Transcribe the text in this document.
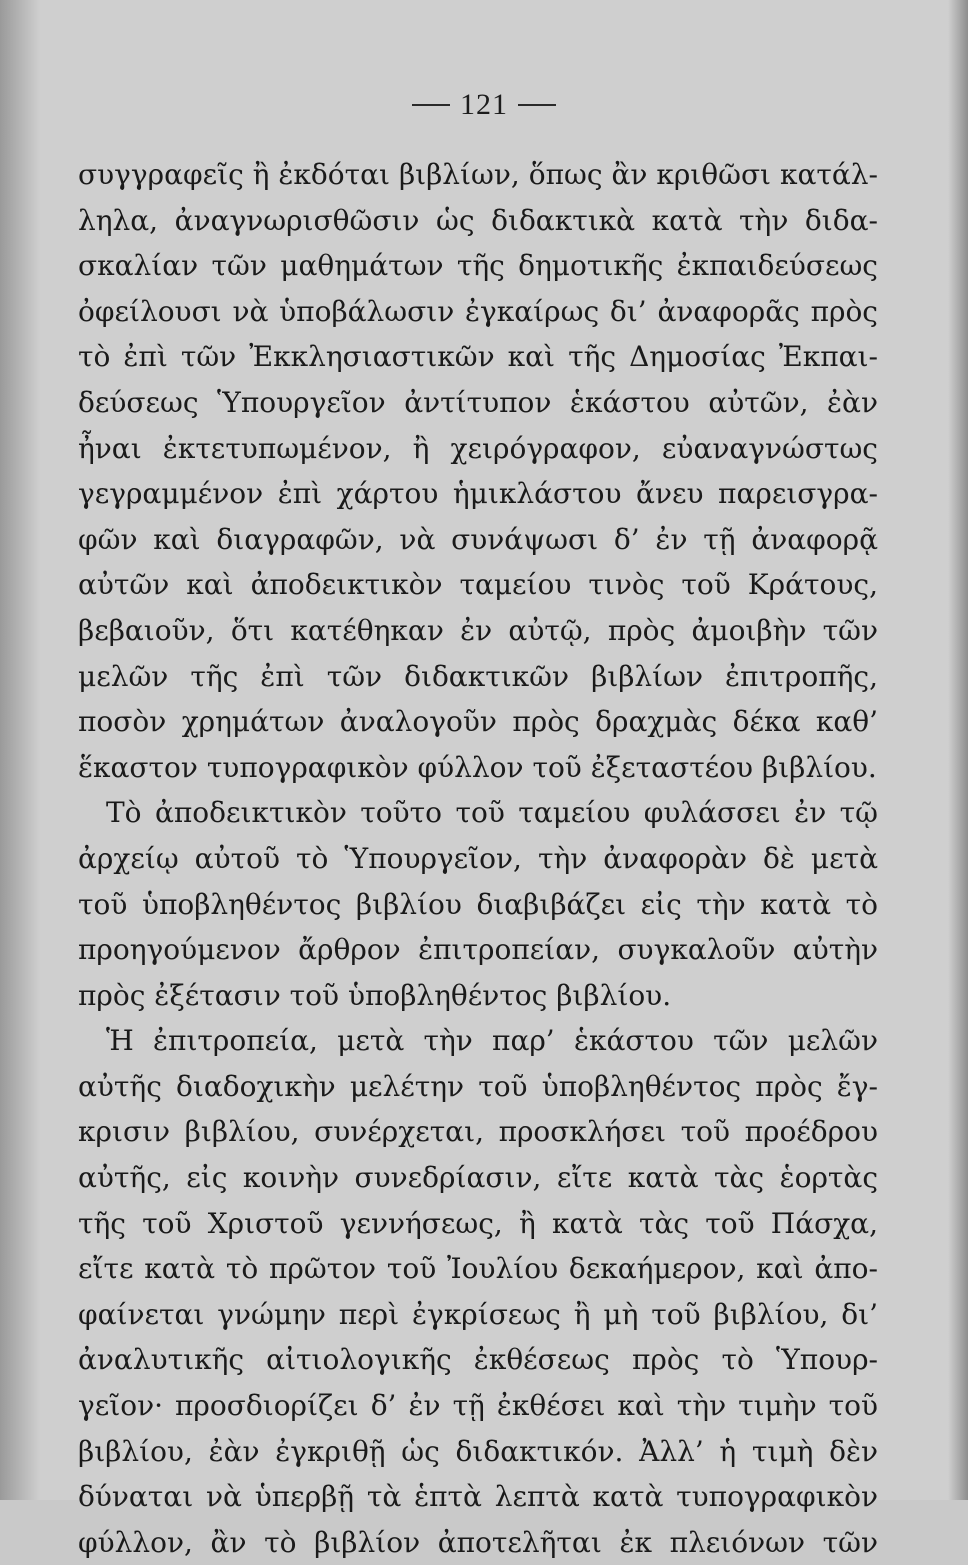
121
συγγραφεῖς ἢ ἐκδόται βιβλίων, ὅπως ἂν κριθῶσι κατάλ-
ληλα, ἀναγνωρισθῶσιν ὡς διδακτικὰ κατὰ τὴν διδα-
σκαλίαν τῶν μαθημάτων τῆς δημοτικῆς ἐκπαιδεύσεως
ὀφείλουσι νὰ ὑποβάλωσιν ἐγκαίρως δι’ ἀναφορᾶς πρὸς
τὸ ἐπὶ τῶν Ἐκκλησιαστικῶν καὶ τῆς Δημοσίας Ἐκπαι-
δεύσεως Ὑπουργεῖον ἀντίτυπον ἑκάστου αὐτῶν, ἐὰν
ἦναι ἐκτετυπωμένον, ἢ χειρόγραφον, εὐαναγνώστως
γεγραμμένον ἐπὶ χάρτου ἡμικλάστου ἄνευ παρεισγρα-
φῶν καὶ διαγραφῶν, νὰ συνάψωσι δ’ ἐν τῇ ἀναφορᾷ
αὐτῶν καὶ ἀποδεικτικὸν ταμείου τινὸς τοῦ Κράτους,
βεβαιοῦν, ὅτι κατέθηκαν ἐν αὐτῷ, πρὸς ἀμοιβὴν τῶν
μελῶν τῆς ἐπὶ τῶν διδακτικῶν βιβλίων ἐπιτροπῆς,
ποσὸν χρημάτων ἀναλογοῦν πρὸς δραχμὰς δέκα καθ’
ἕκαστον τυπογραφικὸν φύλλον τοῦ ἐξεταστέου βιβλίου.
Τὸ ἀποδεικτικὸν τοῦτο τοῦ ταμείου φυλάσσει ἐν τῷ
ἀρχείῳ αὐτοῦ τὸ Ὑπουργεῖον, τὴν ἀναφορὰν δὲ μετὰ
τοῦ ὑποβληθέντος βιβλίου διαβιβάζει εἰς τὴν κατὰ τὸ
προηγούμενον ἄρθρον ἐπιτροπείαν, συγκαλοῦν αὐτὴν
πρὸς ἐξέτασιν τοῦ ὑποβληθέντος βιβλίου.
Ἡ ἐπιτροπεία, μετὰ τὴν παρ’ ἑκάστου τῶν μελῶν
αὐτῆς διαδοχικὴν μελέτην τοῦ ὑποβληθέντος πρὸς ἔγ-
κρισιν βιβλίου, συνέρχεται, προσκλήσει τοῦ προέδρου
αὐτῆς, εἰς κοινὴν συνεδρίασιν, εἴτε κατὰ τὰς ἑορτὰς
τῆς τοῦ Χριστοῦ γεννήσεως, ἢ κατὰ τὰς τοῦ Πάσχα,
εἴτε κατὰ τὸ πρῶτον τοῦ Ἰουλίου δεκαήμερον, καὶ ἀπο-
φαίνεται γνώμην περὶ ἐγκρίσεως ἢ μὴ τοῦ βιβλίου, δι’
ἀναλυτικῆς αἰτιολογικῆς ἐκθέσεως πρὸς τὸ Ὑπουρ-
γεῖον· προσδιορίζει δ’ ἐν τῇ ἐκθέσει καὶ τὴν τιμὴν τοῦ
βιβλίου, ἐὰν ἐγκριθῇ ὡς διδακτικόν. Ἀλλ’ ἡ τιμὴ δὲν
δύναται νὰ ὑπερβῇ τὰ ἑπτὰ λεπτὰ κατὰ τυπογραφικὸν
φύλλον, ἂν τὸ βιβλίον ἀποτελῆται ἐκ πλειόνων τῶν
